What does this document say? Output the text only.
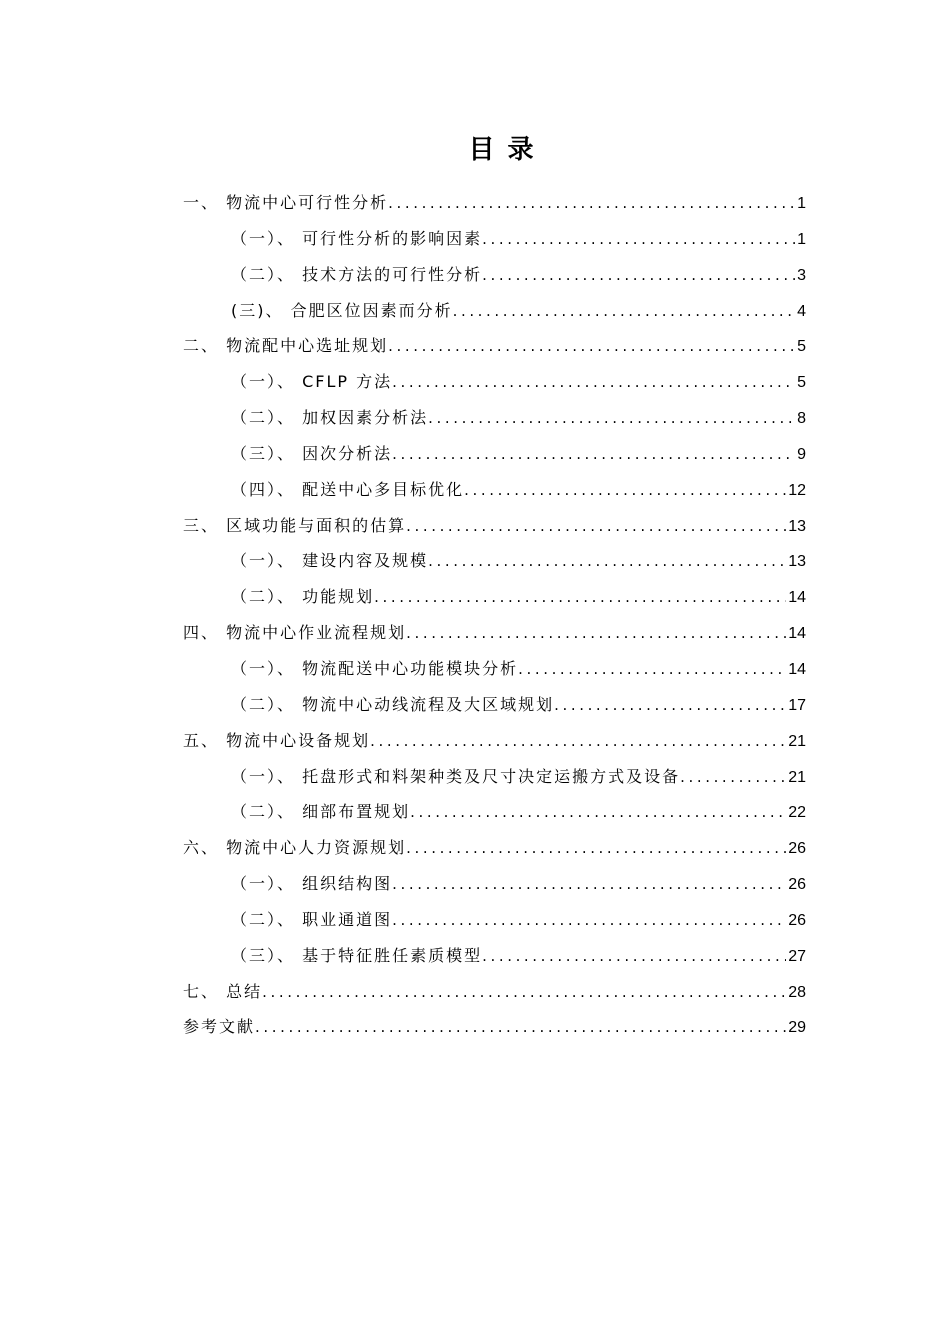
目 录
一、 物流中心可行性分析 .....	1
（一）、 可行性分析的影响因素 .....	1
（二）、 技术方法的可行性分析 .....	3
(三)、 合肥区位因素而分析 .....	4
二、 物流配中心选址规划 .....	5
（一）、 CFLP 方法 .....	5
（二）、 加权因素分析法 .....	8
（三）、 因次分析法 .....	9
（四）、 配送中心多目标优化 .....	12
三、 区域功能与面积的估算 .....	13
（一）、 建设内容及规模 .....	13
（二）、 功能规划 .....	14
四、 物流中心作业流程规划 .....	14
（一）、 物流配送中心功能模块分析 .....	14
（二）、 物流中心动线流程及大区域规划 .....	17
五、 物流中心设备规划 .....	21
（一）、 托盘形式和料架种类及尺寸决定运搬方式及设备 .....	21
（二）、 细部布置规划 .....	22
六、 物流中心人力资源规划 .....	26
（一）、 组织结构图 .....	26
（二）、 职业通道图 .....	26
（三）、 基于特征胜任素质模型 .....	27
七、 总结 .....	28
参考文献 .....	29
